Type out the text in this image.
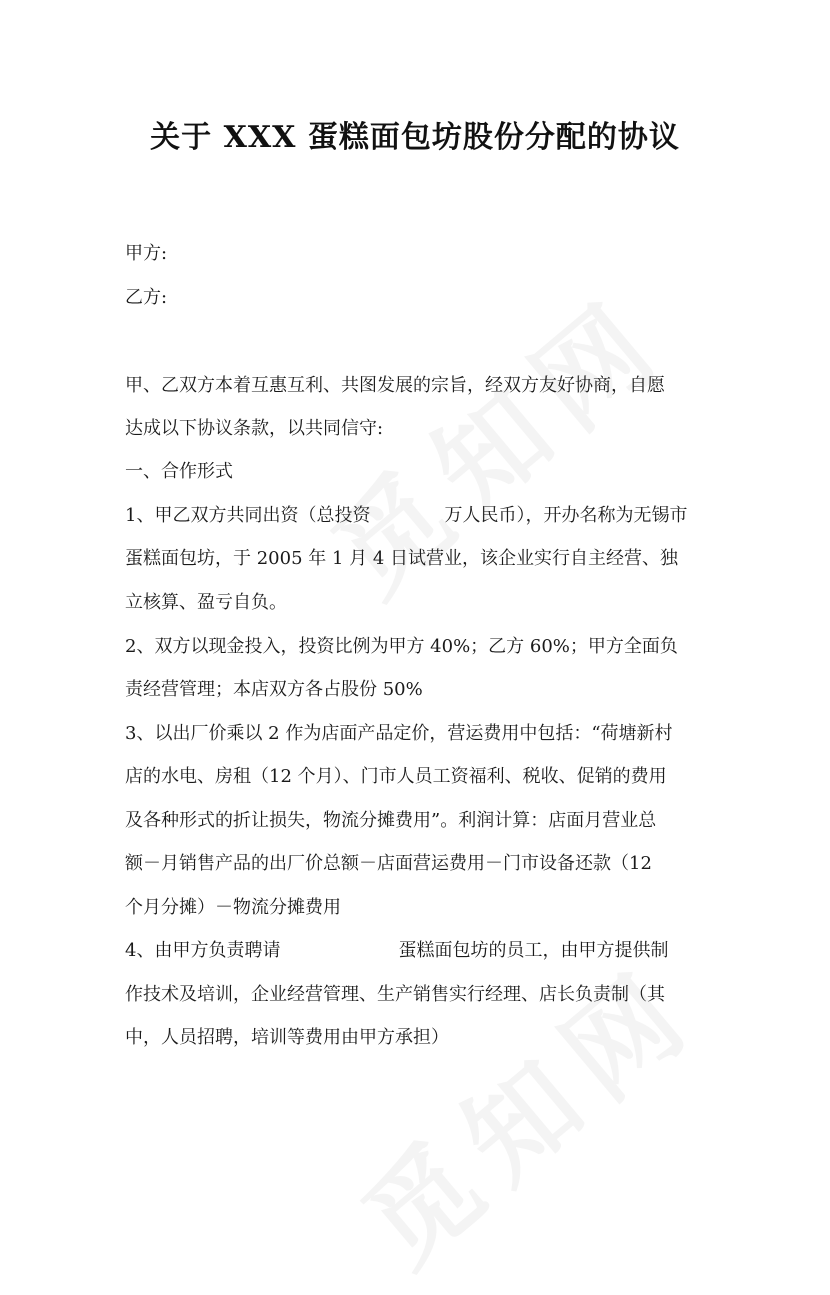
关于 XXX 蛋糕面包坊股份分配的协议
甲方:
乙方:
甲、乙双方本着互惠互利、共图发展的宗旨，经双方友好协商，自愿
达成以下协议条款，以共同信守:
一、合作形式
1、甲乙双方共同出资（总投资	万人民币），开办名称为无锡市
蛋糕面包坊，于 2005 年 1 月 4 日试营业，该企业实行自主经营、独
立核算、盈亏自负。
2、双方以现金投入，投资比例为甲方 40%；乙方 60%；甲方全面负
责经营管理；本店双方各占股份 50%
3、以出厂价乘以 2 作为店面产品定价，营运费用中包括：“荷塘新村
店的水电、房租（12 个月）、门市人员工资福利、税收、促销的费用
及各种形式的折让损失，物流分摊费用”。利润计算：店面月营业总
额－月销售产品的出厂价总额－店面营运费用－门市设备还款（12
个月分摊）－物流分摊费用
4、由甲方负责聘请	蛋糕面包坊的员工，由甲方提供制
作技术及培训，企业经营管理、生产销售实行经理、店长负责制（其
中，人员招聘，培训等费用由甲方承担）
